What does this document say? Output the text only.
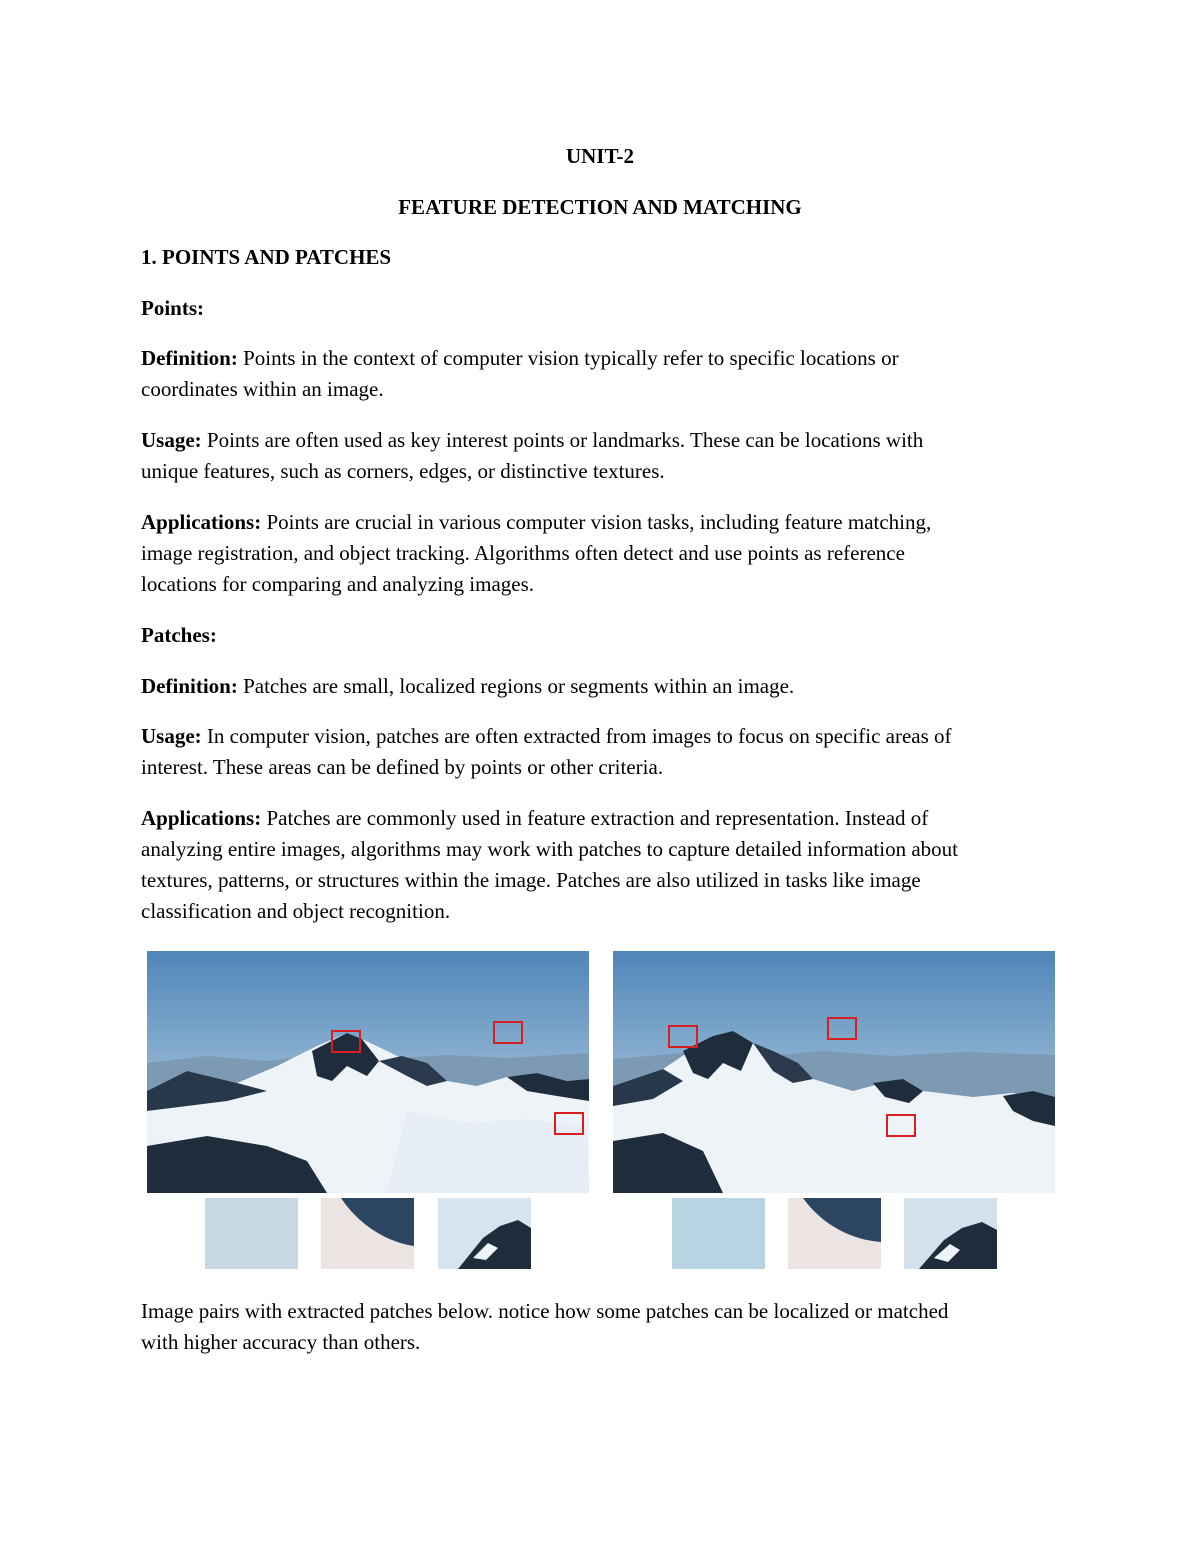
UNIT-2
FEATURE DETECTION AND MATCHING
1. POINTS AND PATCHES
Points:
Definition: Points in the context of computer vision typically refer to specific locations or
coordinates within an image.
Usage: Points are often used as key interest points or landmarks. These can be locations with
unique features, such as corners, edges, or distinctive textures.
Applications: Points are crucial in various computer vision tasks, including feature matching,
image registration, and object tracking. Algorithms often detect and use points as reference
locations for comparing and analyzing images.
Patches:
Definition: Patches are small, localized regions or segments within an image.
Usage: In computer vision, patches are often extracted from images to focus on specific areas of
interest. These areas can be defined by points or other criteria.
Applications: Patches are commonly used in feature extraction and representation. Instead of
analyzing entire images, algorithms may work with patches to capture detailed information about
textures, patterns, or structures within the image. Patches are also utilized in tasks like image
classification and object recognition.
Image pairs with extracted patches below. notice how some patches can be localized or matched
with higher accuracy than others.
